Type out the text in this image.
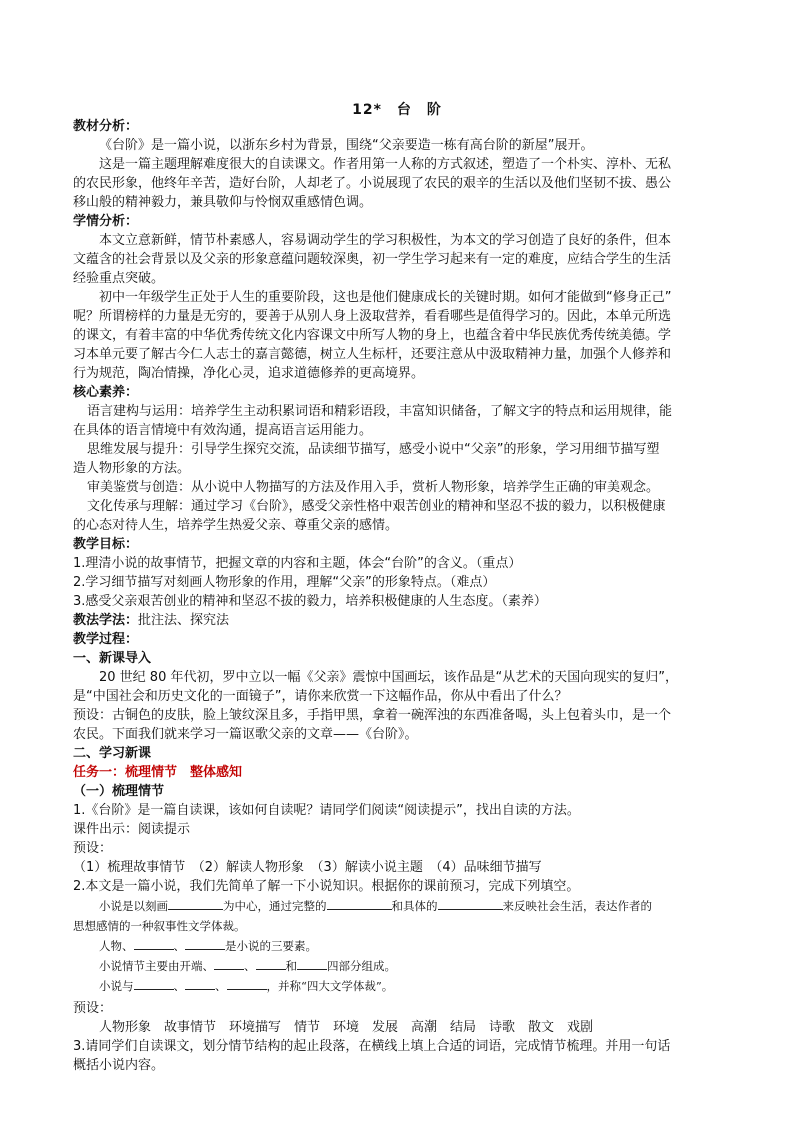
12*　台　阶
教材分析：
《台阶》是一篇小说，以浙东乡村为背景，围绕“父亲要造一栋有高台阶的新屋”展开。
这是一篇主题理解难度很大的自读课文。作者用第一人称的方式叙述，塑造了一个朴实、淳朴、无私
的农民形象，他终年辛苦，造好台阶，人却老了。小说展现了农民的艰辛的生活以及他们坚韧不拔、愚公
移山般的精神毅力，兼具敬仰与怜悯双重感情色调。
学情分析：
本文立意新鲜，情节朴素感人，容易调动学生的学习积极性，为本文的学习创造了良好的条件，但本
文蕴含的社会背景以及父亲的形象意蕴问题较深奥，初一学生学习起来有一定的难度，应结合学生的生活
经验重点突破。
初中一年级学生正处于人生的重要阶段，这也是他们健康成长的关键时期。如何才能做到“修身正己”
呢？所谓榜样的力量是无穷的，要善于从别人身上汲取营养，看看哪些是值得学习的。因此，本单元所选
的课文，有着丰富的中华优秀传统文化内容课文中所写人物的身上，也蕴含着中华民族优秀传统美德。学
习本单元要了解古今仁人志士的嘉言懿德，树立人生标杆，还要注意从中汲取精神力量，加强个人修养和
行为规范，陶冶情操，净化心灵，追求道德修养的更高境界。
核心素养：
语言建构与运用：培养学生主动积累词语和精彩语段，丰富知识储备，了解文字的特点和运用规律，能
在具体的语言情境中有效沟通，提高语言运用能力。
思维发展与提升：引导学生探究交流，品读细节描写，感受小说中“父亲”的形象，学习用细节描写塑
造人物形象的方法。
审美鉴赏与创造：从小说中人物描写的方法及作用入手，赏析人物形象，培养学生正确的审美观念。
文化传承与理解：通过学习《台阶》，感受父亲性格中艰苦创业的精神和坚忍不拔的毅力，以积极健康
的心态对待人生，培养学生热爱父亲、尊重父亲的感情。
教学目标：
1.理清小说的故事情节，把握文章的内容和主题，体会“台阶”的含义。（重点）
2.学习细节描写对刻画人物形象的作用，理解“父亲”的形象特点。（难点）
3.感受父亲艰苦创业的精神和坚忍不拔的毅力，培养积极健康的人生态度。（素养）
教法学法：批注法、探究法
教学过程：
一、新课导入
20 世纪 80 年代初，罗中立以一幅《父亲》震惊中国画坛，该作品是“从艺术的天国向现实的复归”，
是“中国社会和历史文化的一面镜子”，请你来欣赏一下这幅作品，你从中看出了什么？
预设：古铜色的皮肤，脸上皱纹深且多，手指甲黑，拿着一碗浑浊的东西准备喝，头上包着头巾，是一个
农民。下面我们就来学习一篇讴歌父亲的文章——《台阶》。
二、学习新课
任务一：梳理情节　整体感知
（一）梳理情节
1.《台阶》是一篇自读课，该如何自读呢？请同学们阅读“阅读提示”，找出自读的方法。
课件出示：阅读提示
预设：
（1）梳理故事情节　（2）解读人物形象　（3）解读小说主题　（4）品味细节描写
2.本文是一篇小说，我们先简单了解一下小说知识。根据你的课前预习，完成下列填空。
小说是以刻画	为中心，通过完整的	和具体的	来反映社会生活，表达作者的
思想感情的一种叙事性文学体裁。
人物、	、	是小说的三要素。
小说情节主要由开端、	、	和	四部分组成。
小说与	、	、	，并称“四大文学体裁”。
预设：
人物形象　故事情节　环境描写　情节　环境　发展　高潮　结局　诗歌　散文　戏剧
3.请同学们自读课文，划分情节结构的起止段落，在横线上填上合适的词语，完成情节梳理。并用一句话
概括小说内容。
